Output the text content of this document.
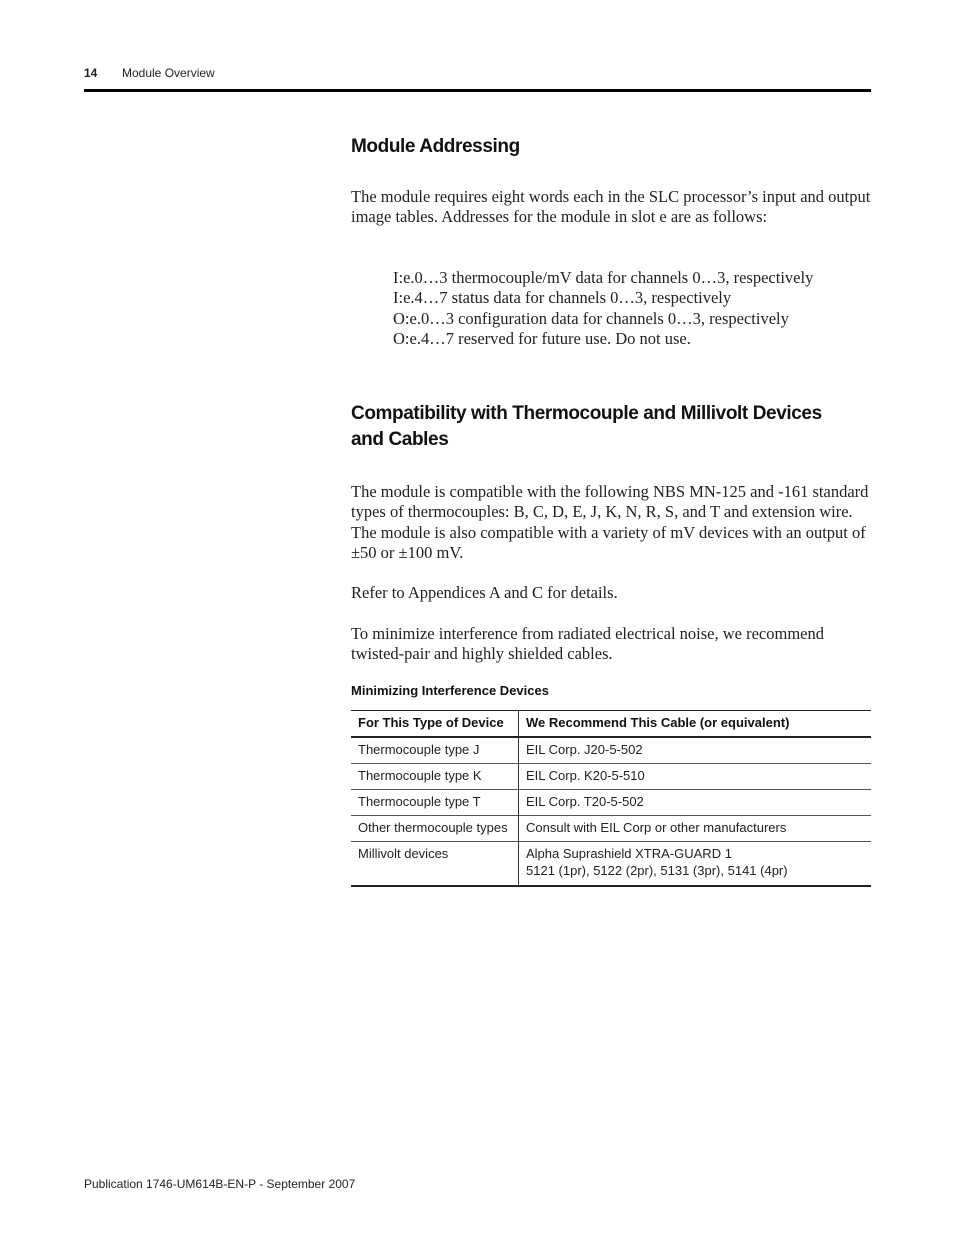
14 Module Overview
Module Addressing

The module requires eight words each in the SLC processor’s input and output image tables. Addresses for the module in slot e are as follows:

I:e.0…3 thermocouple/mV data for channels 0…3, respectively
I:e.4…7 status data for channels 0…3, respectively
O:e.0…3 configuration data for channels 0…3, respectively
O:e.4…7 reserved for future use. Do not use.
Compatibility with Thermocouple and Millivolt Devices and Cables

The module is compatible with the following NBS MN-125 and -161 standard types of thermocouples: B, C, D, E, J, K, N, R, S, and T and extension wire. The module is also compatible with a variety of mV devices with an output of ±50 or ±100 mV.

Refer to Appendices A and C for details.

To minimize interference from radiated electrical noise, we recommend twisted-pair and highly shielded cables.

Minimizing Interference Devices
For This Type of Device	We Recommend This Cable (or equivalent)
Thermocouple type J	EIL Corp. J20-5-502
Thermocouple type K	EIL Corp. K20-5-510
Thermocouple type T	EIL Corp. T20-5-502
Other thermocouple types	Consult with EIL Corp or other manufacturers
Millivolt devices	Alpha Suprashield XTRA-GUARD 1
5121 (1pr), 5122 (2pr), 5131 (3pr), 5141 (4pr)
Publication 1746-UM614B-EN-P - September 2007
